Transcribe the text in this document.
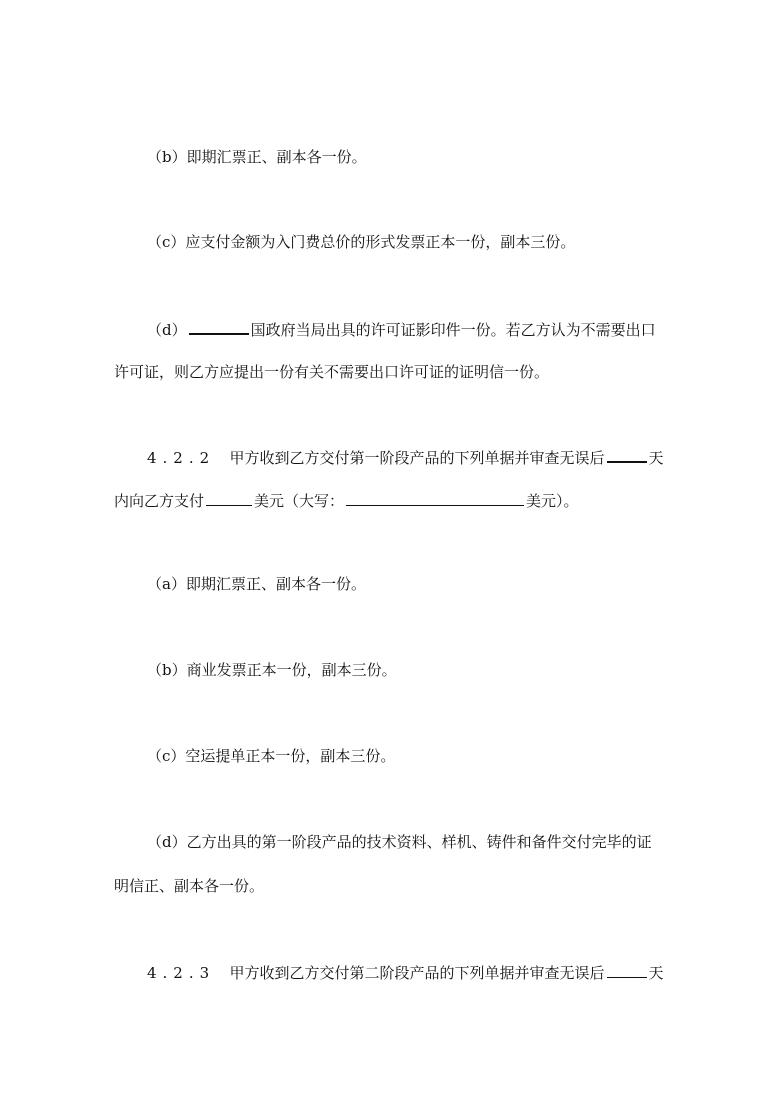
（b）即期汇票正、副本各一份。
（c）应支付金额为入门费总价的形式发票正本一份，副本三份。
（d）	国政府当局出具的许可证影印件一份。若乙方认为不需要出口
许可证，则乙方应提出一份有关不需要出口许可证的证明信一份。
4.2.2 甲方收到乙方交付第一阶段产品的下列单据并审查无误后	天
内向乙方支付	美元（大写：	美元）。
（a）即期汇票正、副本各一份。
（b）商业发票正本一份，副本三份。
（c）空运提单正本一份，副本三份。
（d）乙方出具的第一阶段产品的技术资料、样机、铸件和备件交付完毕的证
明信正、副本各一份。
4.2.3 甲方收到乙方交付第二阶段产品的下列单据并审查无误后	天
